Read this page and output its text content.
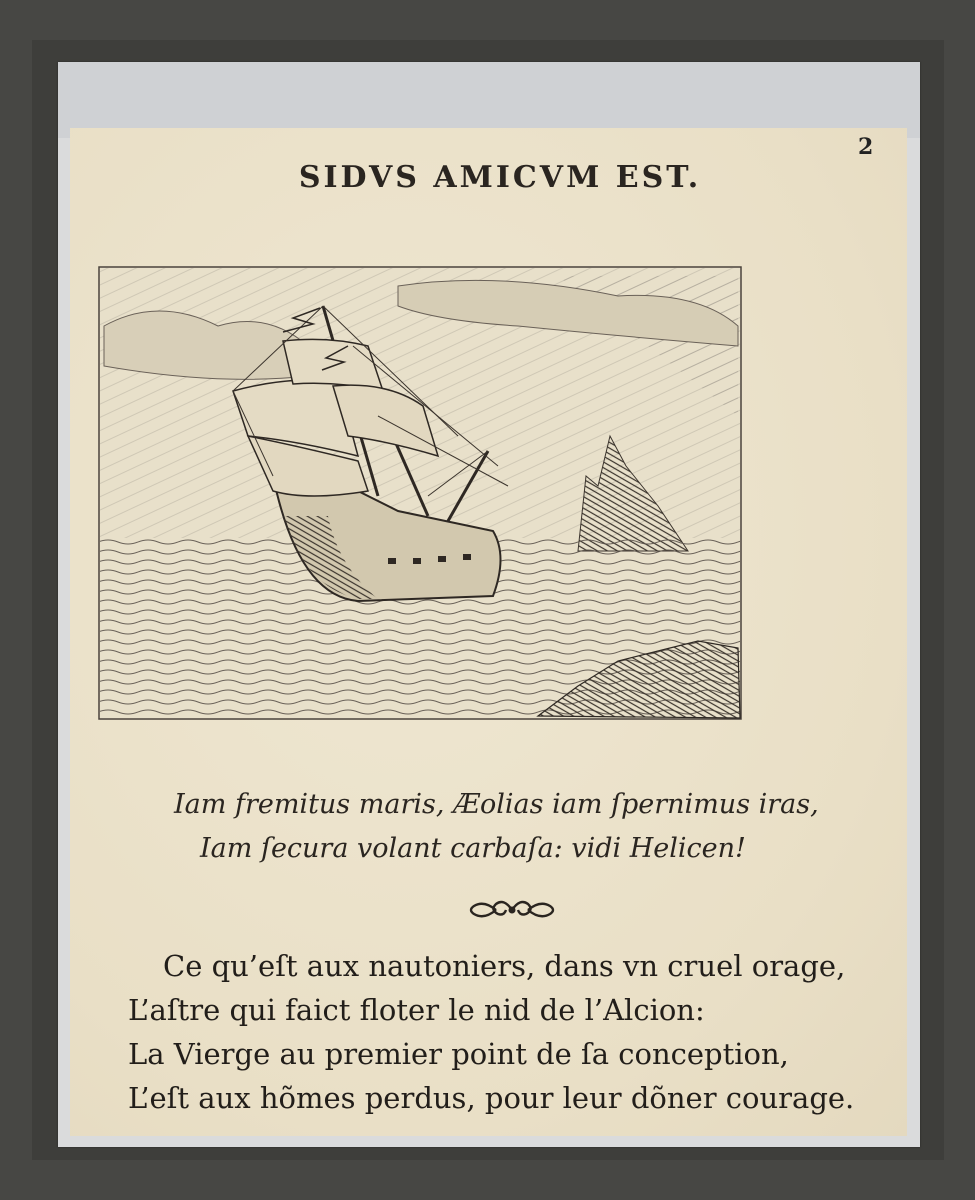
2
SIDVS AMICVM EST.
Iam fremitus maris, Æolias iam ſpernimus iras,
Iam ſecura volant carbaſa: vidi Helicen!
Ce qu’eſt aux nautoniers, dans vn cruel orage,
L’aſtre qui faict floter le nid de l’Alcion:
La Vierge au premier point de ſa conception,
L’eſt aux hõmes perdus, pour leur dõner courage.
